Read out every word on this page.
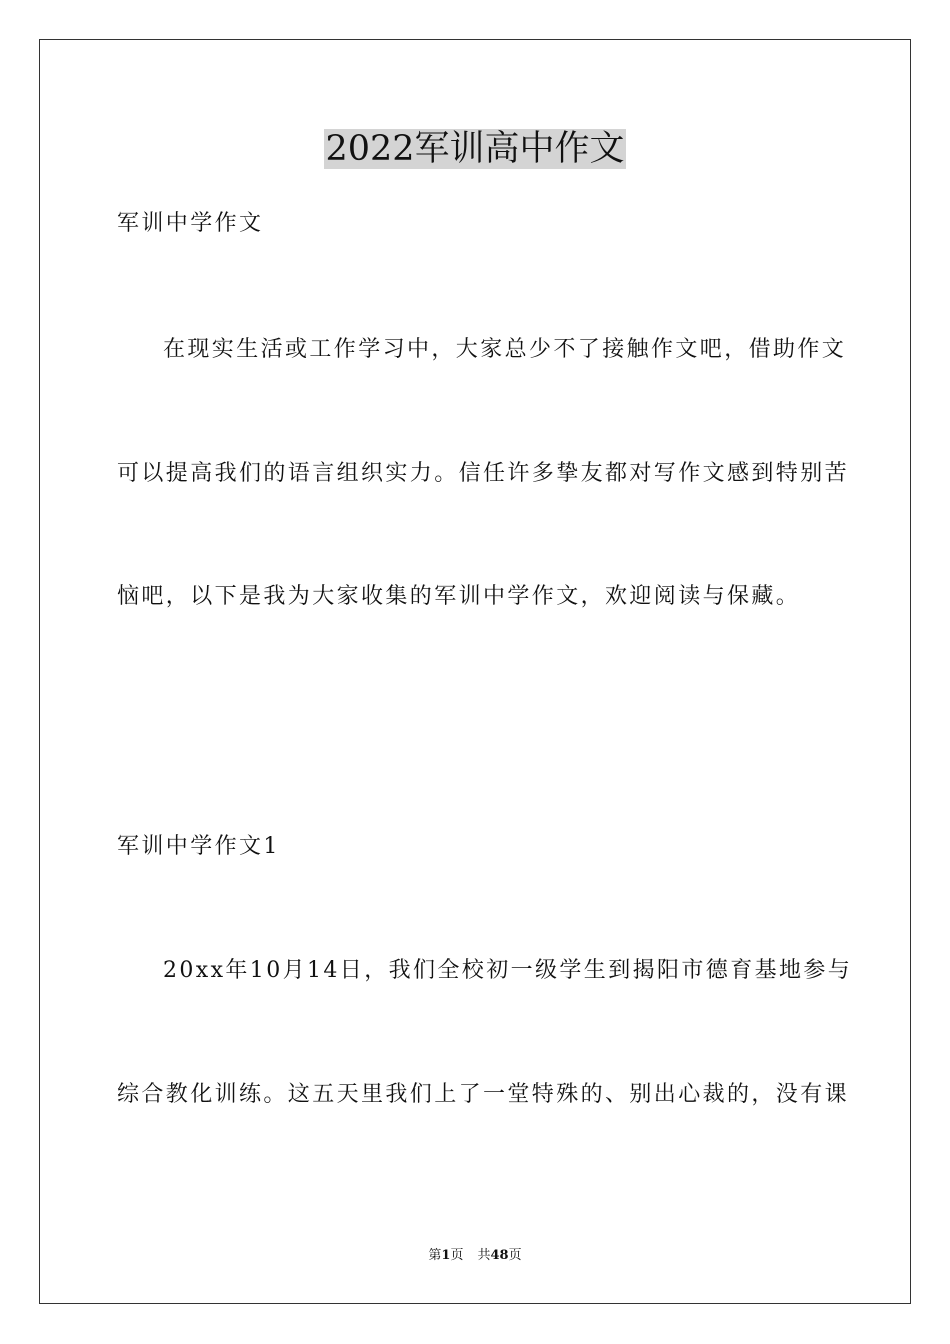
2022军训高中作文

军训中学作文

在现实生活或工作学习中，大家总少不了接触作文吧，借助作文

可以提高我们的语言组织实力。信任许多挚友都对写作文感到特别苦

恼吧，以下是我为大家收集的军训中学作文，欢迎阅读与保藏。

军训中学作文1

20xx年10月14日，我们全校初一级学生到揭阳市德育基地参与

综合教化训练。这五天里我们上了一堂特殊的、别出心裁的，没有课

第1页 共48页
